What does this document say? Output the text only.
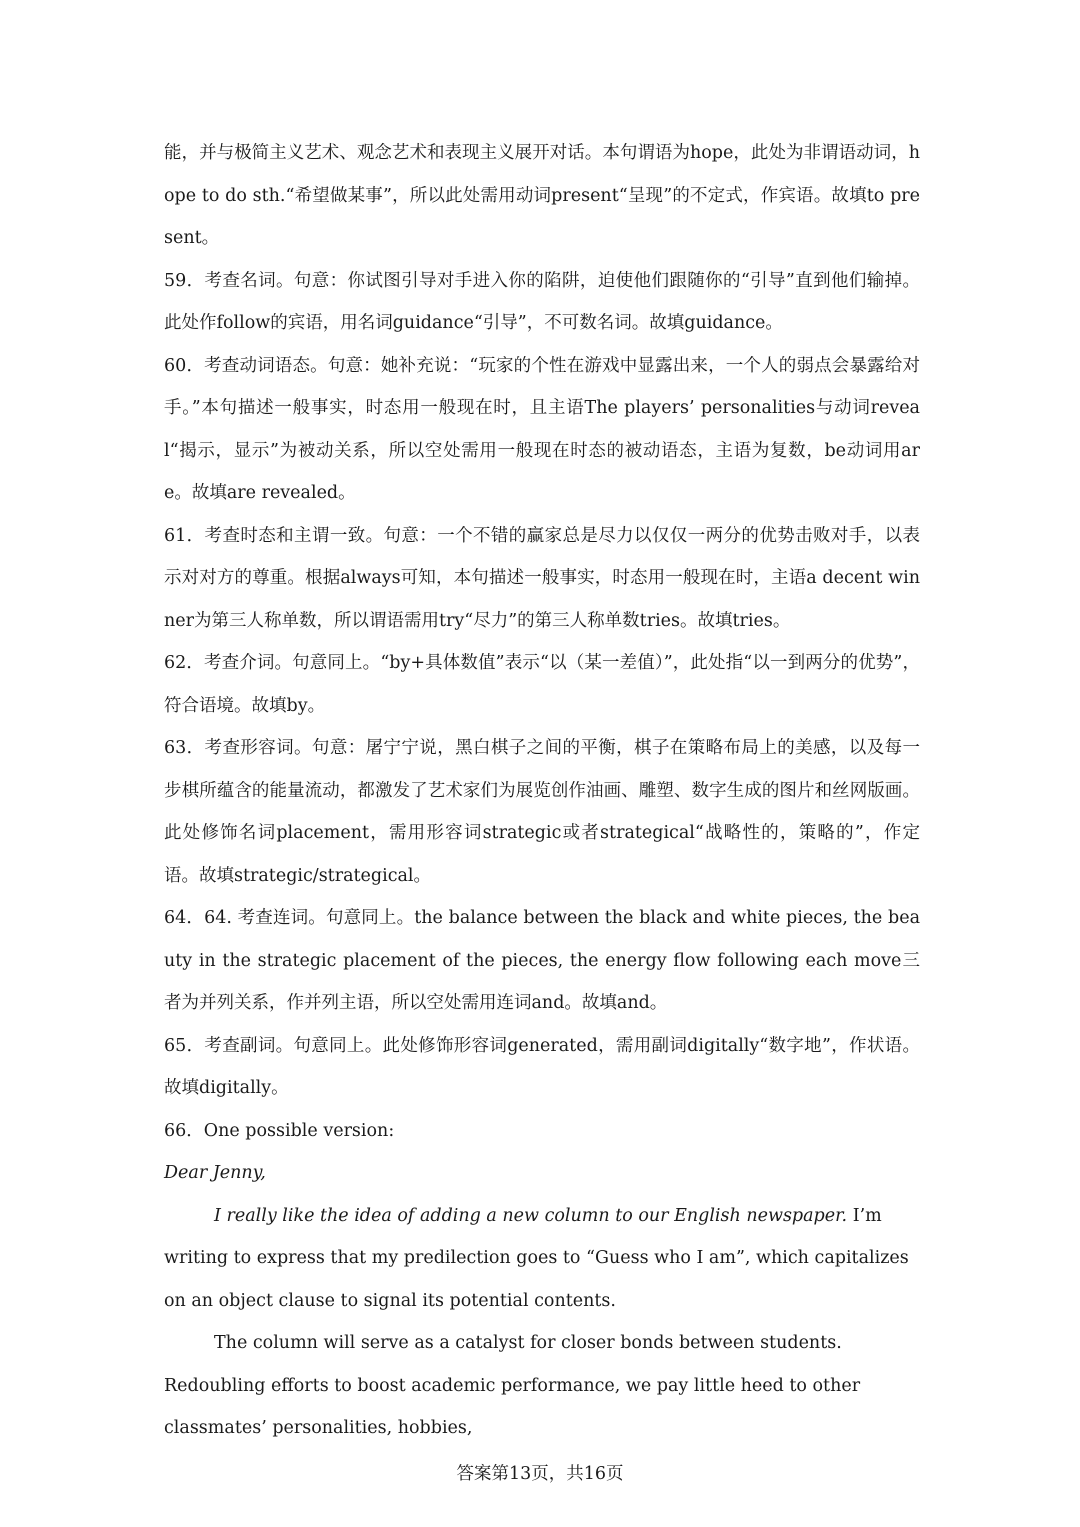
能，并与极简主义艺术、观念艺术和表现主义展开对话。本句谓语为hope，此处为非谓语动词，hope to do sth.“希望做某事”，所以此处需用动词present“呈现”的不定式，作宾语。故填to present。

59．考查名词。句意：你试图引导对手进入你的陷阱，迫使他们跟随你的“引导”直到他们输掉。此处作follow的宾语，用名词guidance“引导”，不可数名词。故填guidance。

60．考查动词语态。句意：她补充说：“玩家的个性在游戏中显露出来，一个人的弱点会暴露给对手。”本句描述一般事实，时态用一般现在时，且主语The players’ personalities与动词reveal“揭示，显示”为被动关系，所以空处需用一般现在时态的被动语态，主语为复数，be动词用are。故填are revealed。

61．考查时态和主谓一致。句意：一个不错的赢家总是尽力以仅仅一两分的优势击败对手，以表示对对方的尊重。根据always可知，本句描述一般事实，时态用一般现在时，主语a decent winner为第三人称单数，所以谓语需用try“尽力”的第三人称单数tries。故填tries。

62．考查介词。句意同上。“by+具体数值”表示“以（某一差值）”，此处指“以一到两分的优势”，符合语境。故填by。

63．考查形容词。句意：屠宁宁说，黑白棋子之间的平衡，棋子在策略布局上的美感，以及每一步棋所蕴含的能量流动，都激发了艺术家们为展览创作油画、雕塑、数字生成的图片和丝网版画。此处修饰名词placement，需用形容词strategic或者strategical“战略性的，策略的”，作定语。故填strategic/strategical。

64．64. 考查连词。句意同上。the balance between the black and white pieces, the beauty in the strategic placement of the pieces, the energy flow following each move三者为并列关系，作并列主语，所以空处需用连词and。故填and。

65．考查副词。句意同上。此处修饰形容词generated，需用副词digitally“数字地”，作状语。故填digitally。

66．One possible version:

Dear Jenny,

I really like the idea of adding a new column to our English newspaper. I’m writing to express that my predilection goes to “Guess who I am”, which capitalizes on an object clause to signal its potential contents.

The column will serve as a catalyst for closer bonds between students. Redoubling efforts to boost academic performance, we pay little heed to other classmates’ personalities, hobbies,

答案第13页，共16页
